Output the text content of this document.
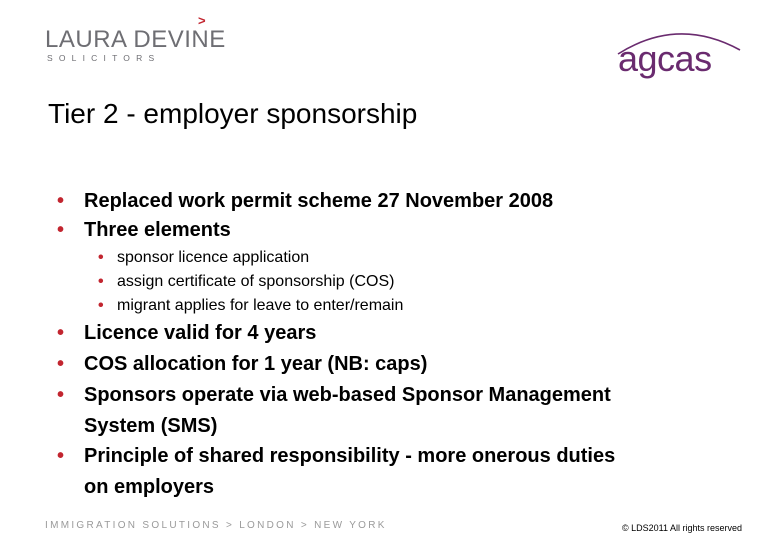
>
LAURA DEVINE
SOLICITORS	agcas
Tier 2 - employer sponsorship
• Replaced work permit scheme 27 November 2008
• Three elements
• sponsor licence application
• assign certificate of sponsorship (COS)
• migrant applies for leave to enter/remain
• Licence valid for 4 years
• COS allocation for 1 year (NB: caps)
• Sponsors operate via web-based Sponsor Management
System (SMS)
• Principle of shared responsibility - more onerous duties
on employers
IMMIGRATION SOLUTIONS > LONDON > NEW YORK	© LDS2011 All rights reserved
